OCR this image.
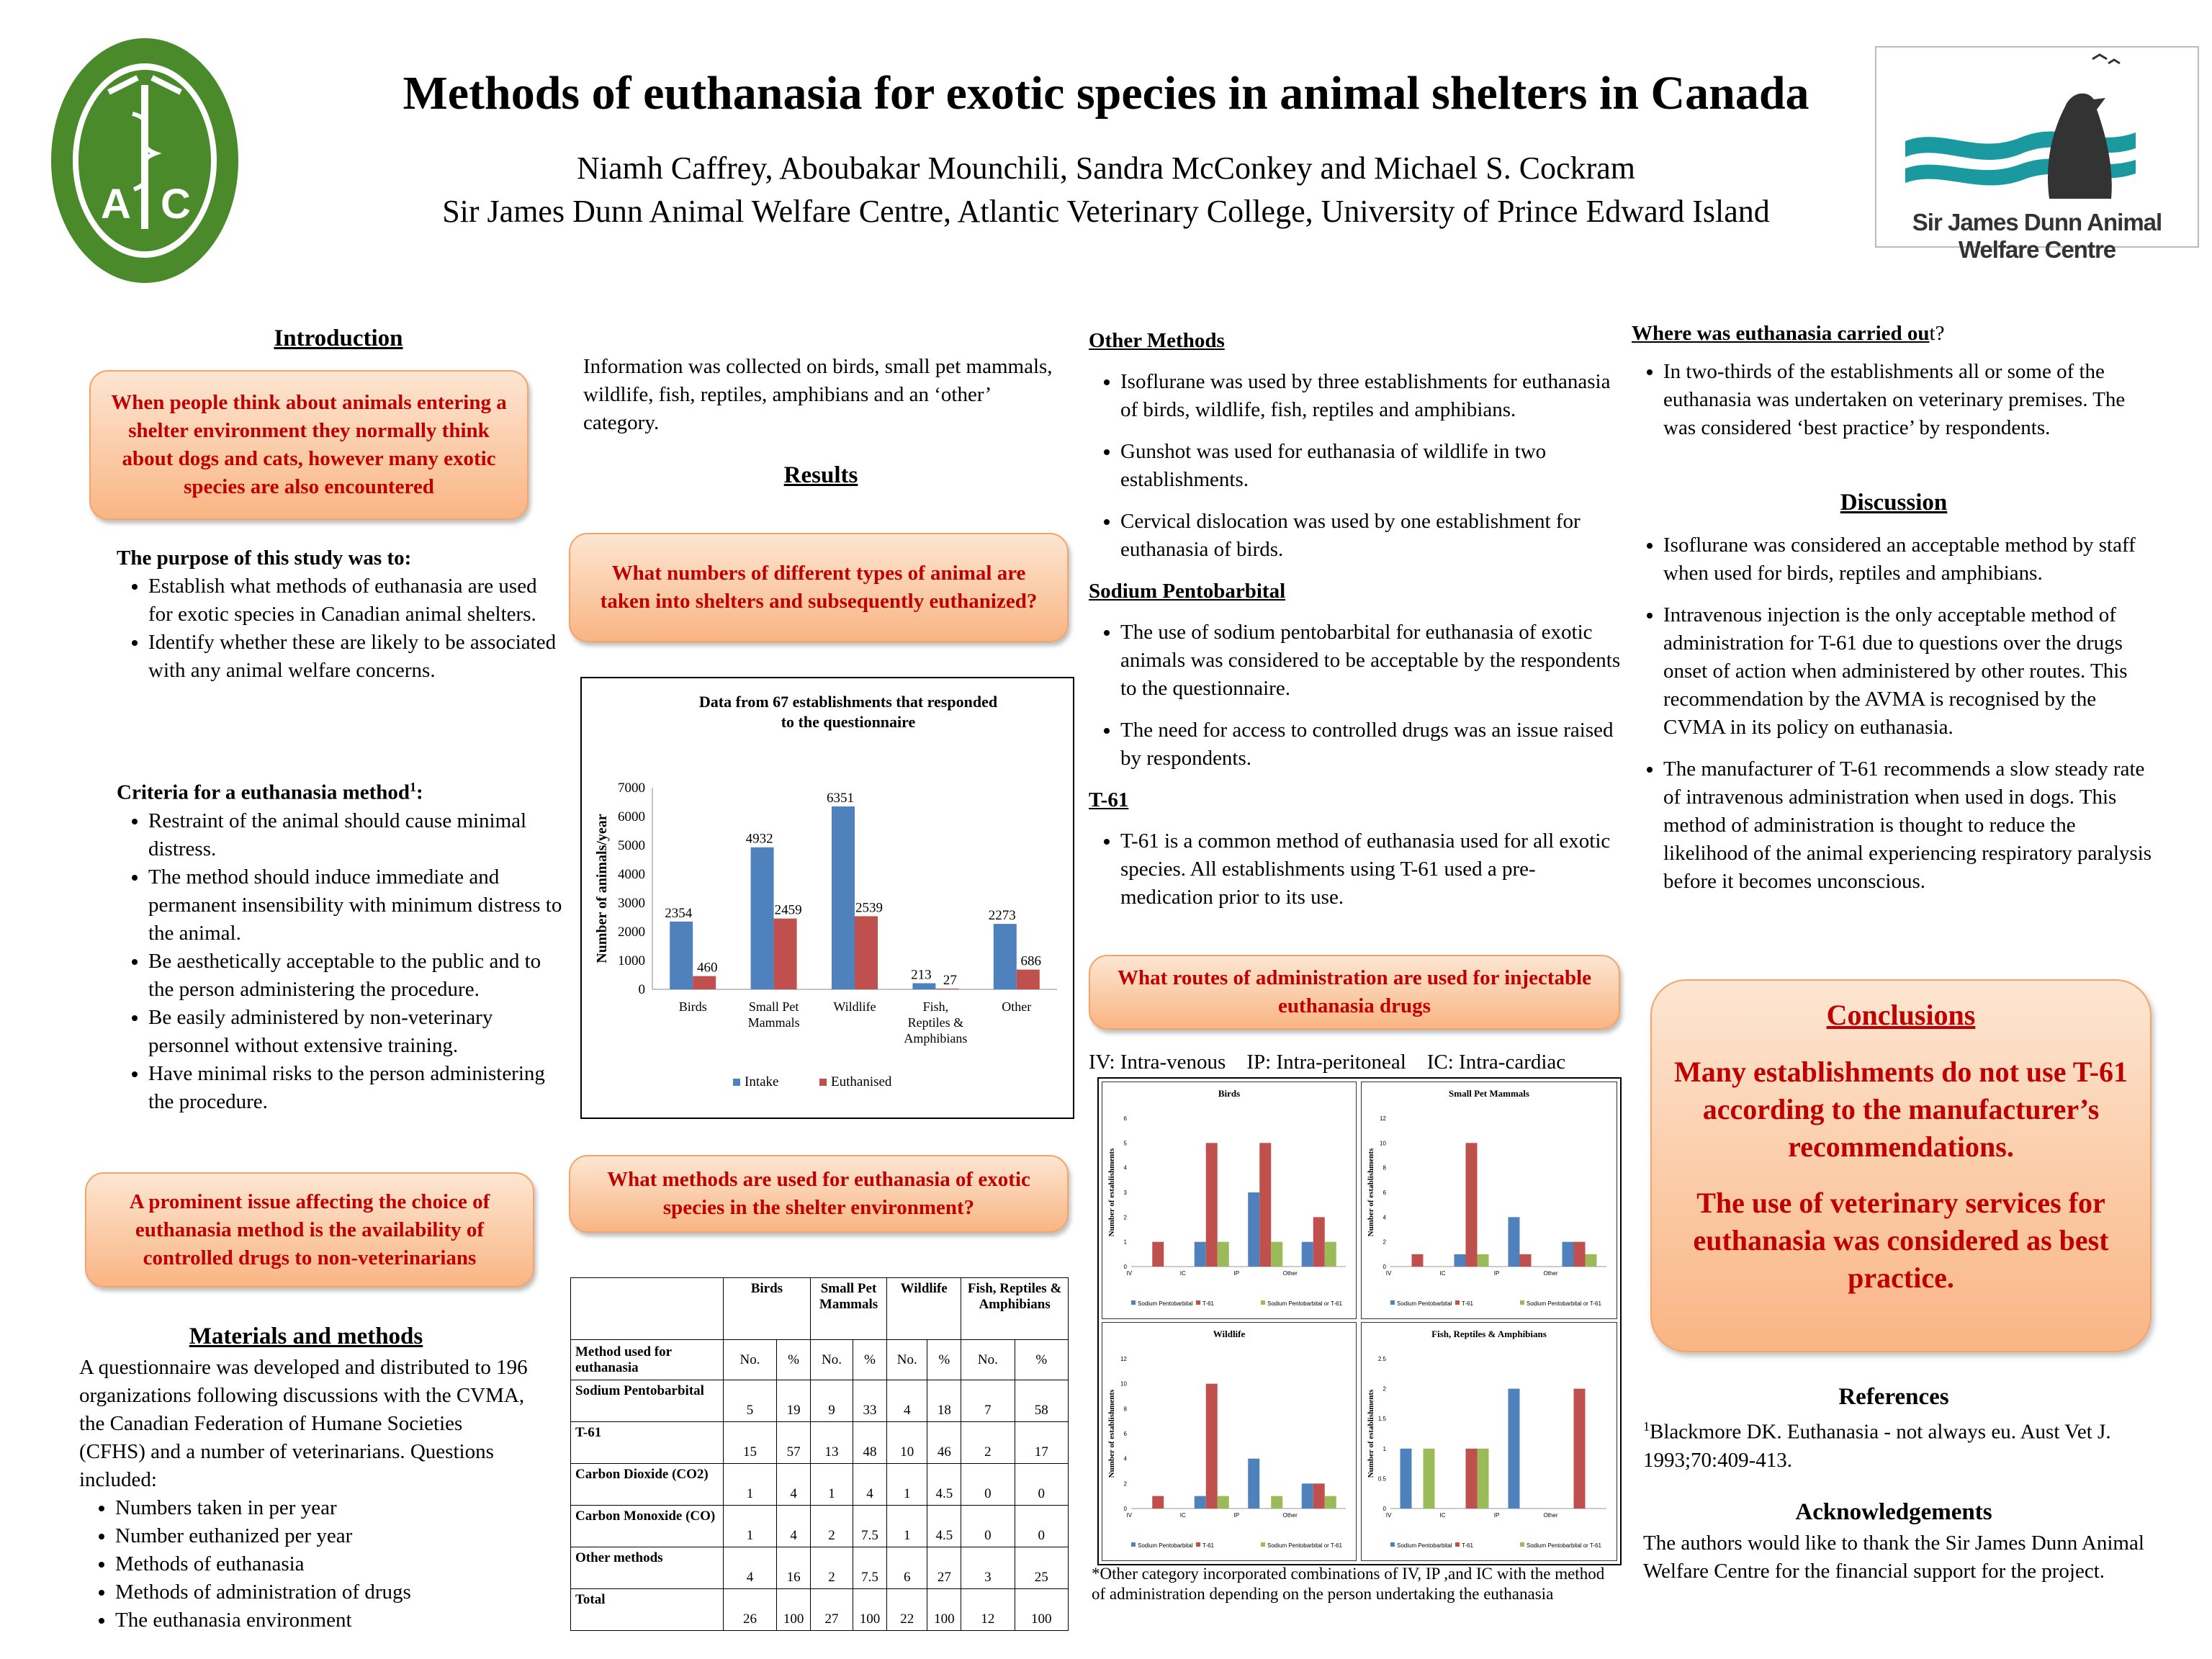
A C
Methods of euthanasia for exotic species in animal shelters in Canada
Niamh Caffrey, Aboubakar Mounchili, Sandra McConkey and Michael S. Cockram
Sir James Dunn Animal Welfare Centre, Atlantic Veterinary College, University of Prince Edward Island	Sir James Dunn Animal Welfare Centre
Introduction
When people think about animals entering a shelter environment they normally think about dogs and cats, however many exotic species are also encountered
The purpose of this study was to:
• Establish what methods of euthanasia are used for exotic species in Canadian animal shelters.
• Identify whether these are likely to be associated with any animal welfare concerns.
Criteria for a euthanasia method$^1$:
• Restraint of the animal should cause minimal distress.
• The method should induce immediate and permanent insensibility with minimum distress to the animal.
• Be aesthetically acceptable to the public and to the person administering the procedure.
• Be easily administered by non-veterinary personnel without extensive training.
• Have minimal risks to the person administering the procedure.
A prominent issue affecting the choice of euthanasia method is the availability of controlled drugs to non-veterinarians
Materials and methods
A questionnaire was developed and distributed to 196 organizations following discussions with the CVMA, the Canadian Federation of Humane Societies (CFHS) and a number of veterinarians. Questions included:
• Numbers taken in per year
• Number euthanized per year
• Methods of euthanasia
• Methods of administration of drugs
• The euthanasia environment
Information was collected on birds, small pet mammals, wildlife, fish, reptiles, amphibians and an ‘other’ category.
Results
What numbers of different types of animal are taken into shelters and subsequently euthanized?
Data from 67 establishments that responded to the questionnaire
Number of animals/year
0
1000
2000
3000
4000
5000
6000
7000
2354
460
Birds
4932
2459
Small Pet Mammals
6351
2539
Wildlife
213 27
Fish, Reptiles & Amphibians
2273
686
Other
Intake	Euthanised
What methods are used for euthanasia of exotic species in the shelter environment?
	Birds		Small Pet Mammals		Wildlife		Fish, Reptiles & Amphibians	
Method used for euthanasia	No.	%	No.	%	No.	%	No.	%
Sodium Pentobarbital	5	19	9	33	4	18	7	58
T-61	15	57	13	48	10	46	2	17
Carbon Dioxide (CO2)	1	4	1	4	1	4.5	0	0
Carbon Monoxide (CO)	1	4	2	7.5	1	4.5	0	0
Other methods	4	16	2	7.5	6	27	3	25
Total	26	100	27	100	22	100	12	100
Other Methods
• Isoflurane was used by three establishments for euthanasia of birds, wildlife, fish, reptiles and amphibians.
• Gunshot was used for euthanasia of wildlife in two establishments.
• Cervical dislocation was used by one establishment for euthanasia of birds.
Sodium Pentobarbital
• The use of sodium pentobarbital for euthanasia of exotic animals was considered to be acceptable by the respondents to the questionnaire.
• The need for access to controlled drugs was an issue raised by respondents.
T-61
• T-61 is a common method of euthanasia used for all exotic species. All establishments using T-61 used a pre-medication prior to its use.
What routes of administration are used for injectable euthanasia drugs
IV: Intra-venous    IP: Intra-peritoneal    IC: Intra-cardiac
Birds
Number of establishments
0
1
2
3
4
5
6
IV	IC	IP	Other
Sodium Pentobarbital T-61	Sodium Pentobarbital or T-61
Small Pet Mammals
Number of establishments
0
2
4
6
8
10
12
IV	IC	IP	Other
Sodium Pentobarbital T-61	Sodium Pentobarbital or T-61
Wildlife
Number of establishments
0
2
4
6
8
10
12
IV	IC	IP	Other
Sodium Pentobarbital T-61	Sodium Pentobarbital or T-61
Fish, Reptiles & Amphibians
Number of establishments
0
0.5
1
1.5
2
2.5
IV	IC	IP	Other
Sodium Pentobarbital T-61	Sodium Pentobarbital or T-61
*Other category incorporated combinations of IV, IP ,and IC with the method of administration depending on the person undertaking the euthanasia
Where was euthanasia carried out?
• In two-thirds of the establishments all or some of the euthanasia was undertaken on veterinary premises. The was considered ‘best practice’ by respondents.
Discussion
• Isoflurane was considered an acceptable method by staff when used for birds, reptiles and amphibians.
• Intravenous injection is the only acceptable method of administration for T-61 due to questions over the drugs onset of action when administered by other routes. This recommendation by the AVMA is recognised by the CVMA in its policy on euthanasia.
• The manufacturer of T-61 recommends a slow steady rate of intravenous administration when used in dogs. This method of administration is thought to reduce the likelihood of the animal experiencing respiratory paralysis before it becomes unconscious.
Conclusions
Many establishments do not use T-61 according to the manufacturer’s recommendations.
The use of veterinary services for euthanasia was considered as best practice.
References
$^1$Blackmore DK. Euthanasia - not always eu. Aust Vet J. 1993;70:409-413.
Acknowledgements
The authors would like to thank the Sir James Dunn Animal Welfare Centre for the financial support for the project.
